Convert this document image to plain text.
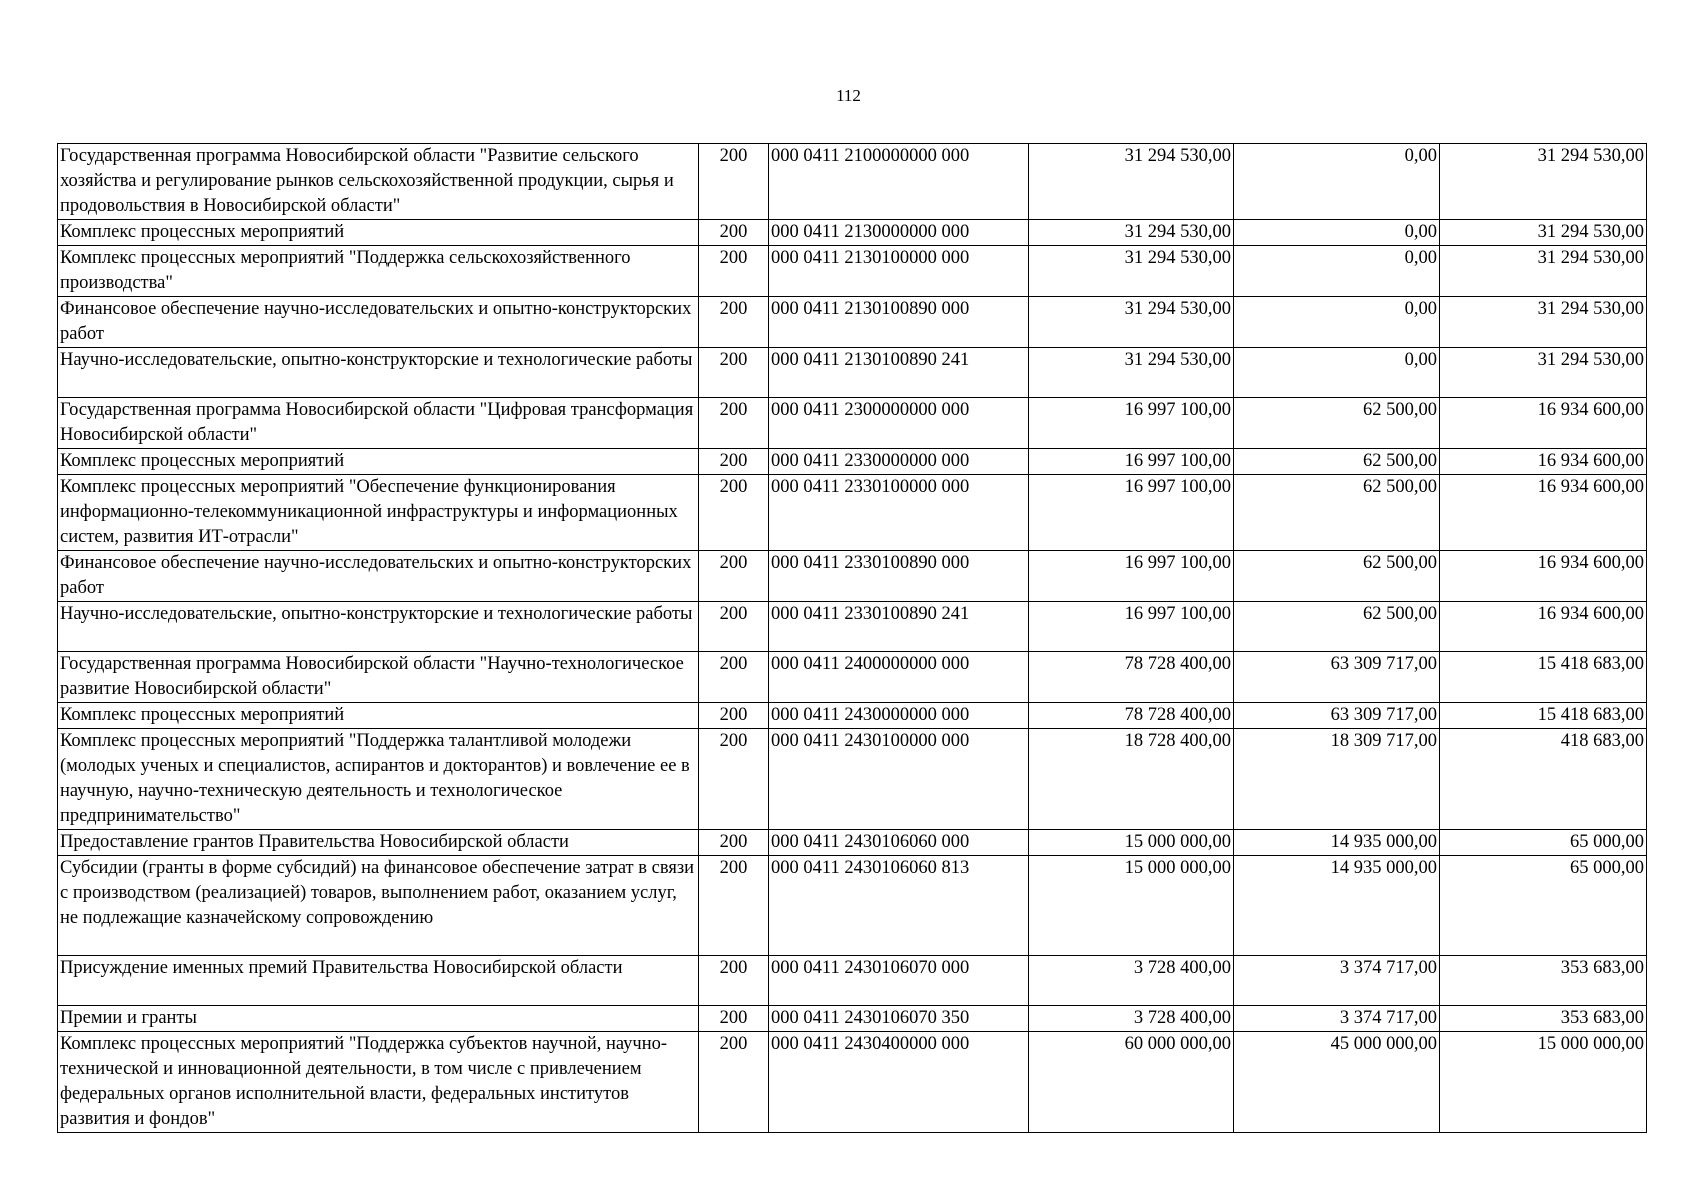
112
Государственная программа Новосибирской области "Развитие сельского хозяйства и регулирование рынков сельскохозяйственной продукции, сырья и продовольствия в Новосибирской области"	200	000 0411 2100000000 000	31 294 530,00	0,00	31 294 530,00
Комплекс процессных мероприятий	200	000 0411 2130000000 000	31 294 530,00	0,00	31 294 530,00
Комплекс процессных мероприятий "Поддержка сельскохозяйственного производства"	200	000 0411 2130100000 000	31 294 530,00	0,00	31 294 530,00
Финансовое обеспечение научно-исследовательских и опытно-конструкторских работ	200	000 0411 2130100890 000	31 294 530,00	0,00	31 294 530,00
Научно-исследовательские, опытно-конструкторские и технологические работы	200	000 0411 2130100890 241	31 294 530,00	0,00	31 294 530,00
Государственная программа Новосибирской области "Цифровая трансформация Новосибирской области"	200	000 0411 2300000000 000	16 997 100,00	62 500,00	16 934 600,00
Комплекс процессных мероприятий	200	000 0411 2330000000 000	16 997 100,00	62 500,00	16 934 600,00
Комплекс процессных мероприятий "Обеспечение функционирования информационно-телекоммуникационной инфраструктуры и информационных систем, развития ИТ-отрасли"	200	000 0411 2330100000 000	16 997 100,00	62 500,00	16 934 600,00
Финансовое обеспечение научно-исследовательских и опытно-конструкторских работ	200	000 0411 2330100890 000	16 997 100,00	62 500,00	16 934 600,00
Научно-исследовательские, опытно-конструкторские и технологические работы	200	000 0411 2330100890 241	16 997 100,00	62 500,00	16 934 600,00
Государственная программа Новосибирской области "Научно-технологическое развитие Новосибирской области"	200	000 0411 2400000000 000	78 728 400,00	63 309 717,00	15 418 683,00
Комплекс процессных мероприятий	200	000 0411 2430000000 000	78 728 400,00	63 309 717,00	15 418 683,00
Комплекс процессных мероприятий "Поддержка талантливой молодежи (молодых ученых и специалистов, аспирантов и докторантов) и вовлечение ее в научную, научно-техническую деятельность и технологическое предпринимательство"	200	000 0411 2430100000 000	18 728 400,00	18 309 717,00	418 683,00
Предоставление грантов Правительства Новосибирской области	200	000 0411 2430106060 000	15 000 000,00	14 935 000,00	65 000,00
Субсидии (гранты в форме субсидий) на финансовое обеспечение затрат в связи с производством (реализацией) товаров, выполнением работ, оказанием услуг, не подлежащие казначейскому сопровождению	200	000 0411 2430106060 813	15 000 000,00	14 935 000,00	65 000,00
Присуждение именных премий Правительства Новосибирской области	200	000 0411 2430106070 000	3 728 400,00	3 374 717,00	353 683,00
Премии и гранты	200	000 0411 2430106070 350	3 728 400,00	3 374 717,00	353 683,00
Комплекс процессных мероприятий "Поддержка субъектов научной, научно-технической и инновационной деятельности, в том числе с привлечением федеральных органов исполнительной власти, федеральных институтов развития и фондов"	200	000 0411 2430400000 000	60 000 000,00	45 000 000,00	15 000 000,00
